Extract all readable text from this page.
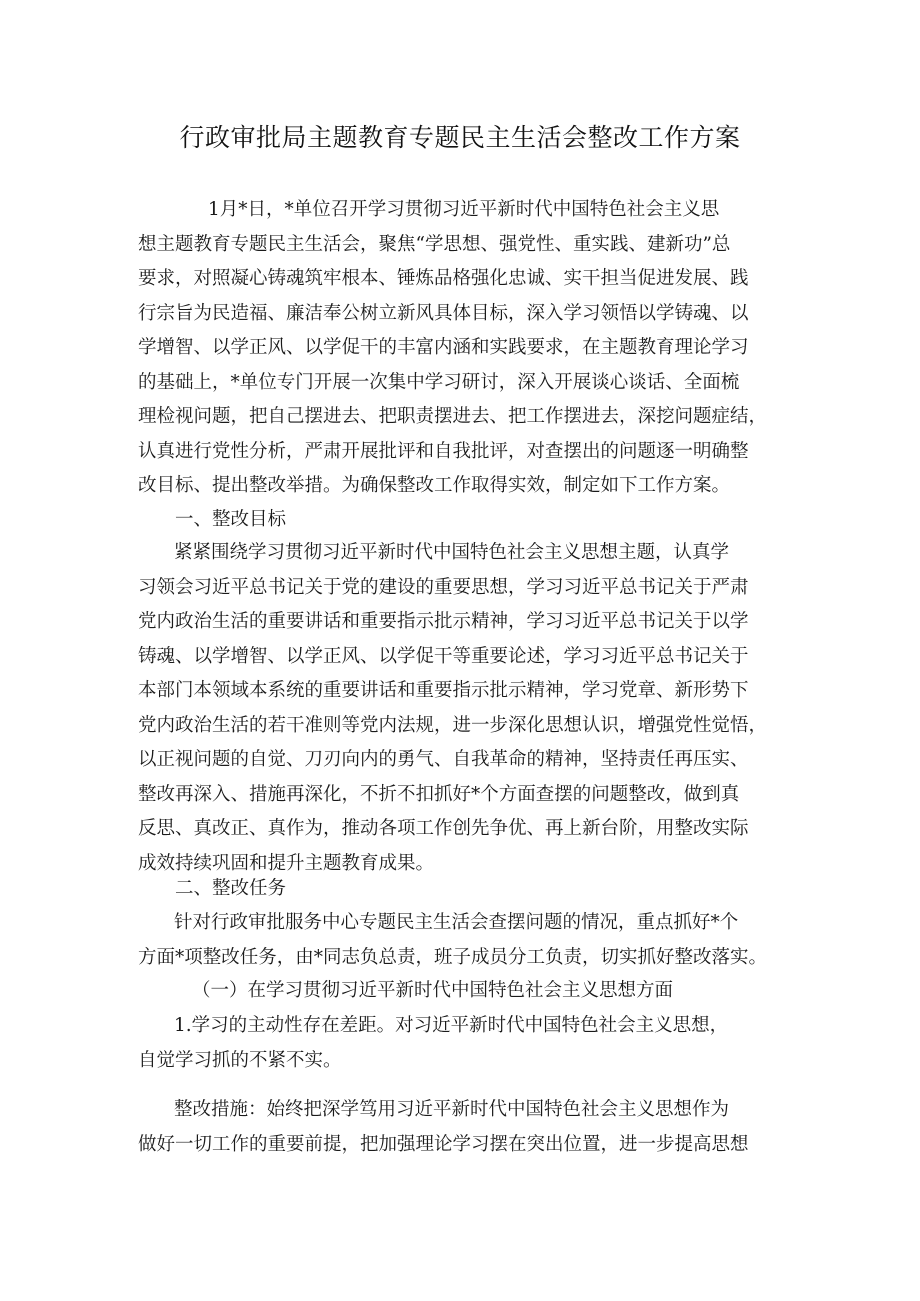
行政审批局主题教育专题民主生活会整改工作方案
1月*日，*单位召开学习贯彻习近平新时代中国特色社会主义思
想主题教育专题民主生活会，聚焦“学思想、强党性、重实践、建新功”总
要求，对照凝心铸魂筑牢根本、锤炼品格强化忠诚、实干担当促进发展、践
行宗旨为民造福、廉洁奉公树立新风具体目标，深入学习领悟以学铸魂、以
学增智、以学正风、以学促干的丰富内涵和实践要求，在主题教育理论学习
的基础上，*单位专门开展一次集中学习研讨，深入开展谈心谈话、全面梳
理检视问题，把自己摆进去、把职责摆进去、把工作摆进去，深挖问题症结，
认真进行党性分析，严肃开展批评和自我批评，对查摆出的问题逐一明确整
改目标、提出整改举措。为确保整改工作取得实效，制定如下工作方案。
一、整改目标
紧紧围绕学习贯彻习近平新时代中国特色社会主义思想主题，认真学
习领会习近平总书记关于党的建设的重要思想，学习习近平总书记关于严肃
党内政治生活的重要讲话和重要指示批示精神，学习习近平总书记关于以学
铸魂、以学增智、以学正风、以学促干等重要论述，学习习近平总书记关于
本部门本领域本系统的重要讲话和重要指示批示精神，学习党章、新形势下
党内政治生活的若干准则等党内法规，进一步深化思想认识，增强党性觉悟，
以正视问题的自觉、刀刃向内的勇气、自我革命的精神，坚持责任再压实、
整改再深入、措施再深化，不折不扣抓好*个方面查摆的问题整改，做到真
反思、真改正、真作为，推动各项工作创先争优、再上新台阶，用整改实际
成效持续巩固和提升主题教育成果。
二、整改任务
针对行政审批服务中心专题民主生活会查摆问题的情况，重点抓好*个
方面*项整改任务，由*同志负总责，班子成员分工负责，切实抓好整改落实。
（一）在学习贯彻习近平新时代中国特色社会主义思想方面
1.学习的主动性存在差距。对习近平新时代中国特色社会主义思想，
自觉学习抓的不紧不实。
整改措施：始终把深学笃用习近平新时代中国特色社会主义思想作为
做好一切工作的重要前提，把加强理论学习摆在突出位置，进一步提高思想
